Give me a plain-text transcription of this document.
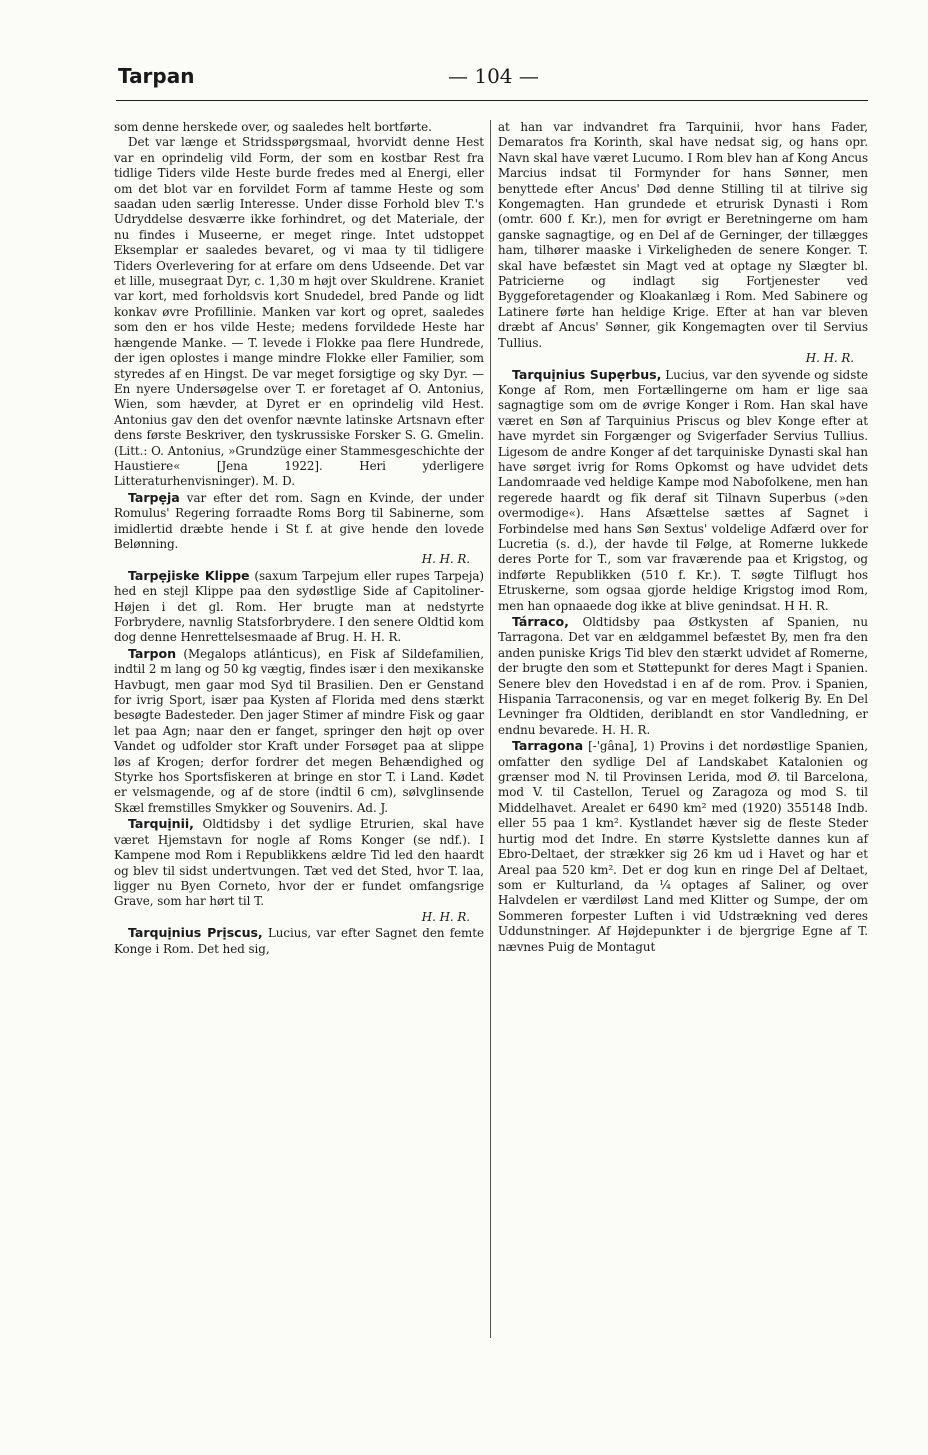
Tarpan	— 104 —

som denne herskede over, og saaledes helt bortførte.

Det var længe et Stridsspørgsmaal, hvorvidt denne Hest var en oprindelig vild Form, der som en kostbar Rest fra tidlige Tiders vilde Heste burde fredes med al Energi, eller om det blot var en forvildet Form af tamme Heste og som saadan uden særlig Interesse. Under disse Forhold blev T.'s Udryddelse desværre ikke forhindret, og det Materiale, der nu findes i Museerne, er meget ringe. Intet udstoppet Eksemplar er saaledes bevaret, og vi maa ty til tidligere Tiders Overlevering for at erfare om dens Udseende. Det var et lille, musegraat Dyr, c. 1,30 m højt over Skuldrene. Kraniet var kort, med forholdsvis kort Snudedel, bred Pande og lidt konkav øvre Profillinie. Manken var kort og opret, saaledes som den er hos vilde Heste; medens forvildede Heste har hængende Manke. — T. levede i Flokke paa flere Hundrede, der igen oplostes i mange mindre Flokke eller Familier, som styredes af en Hingst. De var meget forsigtige og sky Dyr. — En nyere Undersøgelse over T. er foretaget af O. Antonius, Wien, som hævder, at Dyret er en oprindelig vild Hest. Antonius gav den det ovenfor nævnte latinske Artsnavn efter dens første Beskriver, den tyskrussiske Forsker S. G. Gmelin. (Litt.: O. Antonius, »Grundzüge einer Stammesgeschichte der Haustiere« [Jena 1922]. Heri yderligere Litteraturhenvisninger). M. D.

Tarpẹja var efter det rom. Sagn en Kvinde, der under Romulus' Regering forraadte Roms Borg til Sabinerne, som imidlertid dræbte hende i St f. at give hende den lovede Belønning.

H. H. R.

Tarpẹjiske Klippe (saxum Tarpejum eller rupes Tarpeja) hed en stejl Klippe paa den sydøstlige Side af Capitoliner-Højen i det gl. Rom. Her brugte man at nedstyrte Forbrydere, navnlig Statsforbrydere. I den senere Oldtid kom dog denne Henrettelsesmaade af Brug. H. H. R.

Tarpon (Megalops atlánticus), en Fisk af Sildefamilien, indtil 2 m lang og 50 kg vægtig, findes især i den mexikanske Havbugt, men gaar mod Syd til Brasilien. Den er Genstand for ivrig Sport, især paa Kysten af Florida med dens stærkt besøgte Badesteder. Den jager Stimer af mindre Fisk og gaar let paa Agn; naar den er fanget, springer den højt op over Vandet og udfolder stor Kraft under Forsøget paa at slippe løs af Krogen; derfor fordrer det megen Behændighed og Styrke hos Sportsfiskeren at bringe en stor T. i Land. Kødet er velsmagende, og af de store (indtil 6 cm), sølvglinsende Skæl fremstilles Smykker og Souvenirs. Ad. J.

Tarquịnii, Oldtidsby i det sydlige Etrurien, skal have været Hjemstavn for nogle af Roms Konger (se ndf.). I Kampene mod Rom i Republikkens ældre Tid led den haardt og blev til sidst undertvungen. Tæt ved det Sted, hvor T. laa, ligger nu Byen Corneto, hvor der er fundet omfangsrige Grave, som har hørt til T.

H. H. R.

Tarquịnius Prịscus, Lucius, var efter Sagnet den femte Konge i Rom. Det hed sig,

at han var indvandret fra Tarquinii, hvor hans Fader, Demaratos fra Korinth, skal have nedsat sig, og hans opr. Navn skal have været Lucumo. I Rom blev han af Kong Ancus Marcius indsat til Formynder for hans Sønner, men benyttede efter Ancus' Død denne Stilling til at tilrive sig Kongemagten. Han grundede et etrurisk Dynasti i Rom (omtr. 600 f. Kr.), men for øvrigt er Beretningerne om ham ganske sagnagtige, og en Del af de Gerninger, der tillægges ham, tilhører maaske i Virkeligheden de senere Konger. T. skal have befæstet sin Magt ved at optage ny Slægter bl. Patricierne og indlagt sig Fortjenester ved Byggeforetagender og Kloakanlæg i Rom. Med Sabinere og Latinere førte han heldige Krige. Efter at han var bleven dræbt af Ancus' Sønner, gik Kongemagten over til Servius Tullius.

H. H. R.

Tarquịnius Supẹrbus, Lucius, var den syvende og sidste Konge af Rom, men Fortællingerne om ham er lige saa sagnagtige som om de øvrige Konger i Rom. Han skal have været en Søn af Tarquinius Priscus og blev Konge efter at have myrdet sin Forgænger og Svigerfader Servius Tullius. Ligesom de andre Konger af det tarquiniske Dynasti skal han have sørget ivrig for Roms Opkomst og have udvidet dets Landomraade ved heldige Kampe mod Nabofolkene, men han regerede haardt og fik deraf sit Tilnavn Superbus (»den overmodige«). Hans Afsættelse sættes af Sagnet i Forbindelse med hans Søn Sextus' voldelige Adfærd over for Lucretia (s. d.), der havde til Følge, at Romerne lukkede deres Porte for T., som var fraværende paa et Krigstog, og indførte Republikken (510 f. Kr.). T. søgte Tilflugt hos Etruskerne, som ogsaa gjorde heldige Krigstog imod Rom, men han opnaaede dog ikke at blive genindsat. H H. R.

Tárraco, Oldtidsby paa Østkysten af Spanien, nu Tarragona. Det var en ældgammel befæstet By, men fra den anden puniske Krigs Tid blev den stærkt udvidet af Romerne, der brugte den som et Støttepunkt for deres Magt i Spanien. Senere blev den Hovedstad i en af de rom. Prov. i Spanien, Hispania Tarraconensis, og var en meget folkerig By. En Del Levninger fra Oldtiden, deriblandt en stor Vandledning, er endnu bevarede. H. H. R.

Tarragona [-'gâna], 1) Provins i det nordøstlige Spanien, omfatter den sydlige Del af Landskabet Katalonien og grænser mod N. til Provinsen Lerida, mod Ø. til Barcelona, mod V. til Castellon, Teruel og Zaragoza og mod S. til Middelhavet. Arealet er 6490 km² med (1920) 355148 Indb. eller 55 paa 1 km². Kystlandet hæver sig de fleste Steder hurtig mod det Indre. En større Kystslette dannes kun af Ebro-Deltaet, der strækker sig 26 km ud i Havet og har et Areal paa 520 km². Det er dog kun en ringe Del af Deltaet, som er Kulturland, da ¼ optages af Saliner, og over Halvdelen er værdiløst Land med Klitter og Sumpe, der om Sommeren forpester Luften i vid Udstrækning ved deres Uddunstninger. Af Højdepunkter i de bjergrige Egne af T. nævnes Puig de Montagut
